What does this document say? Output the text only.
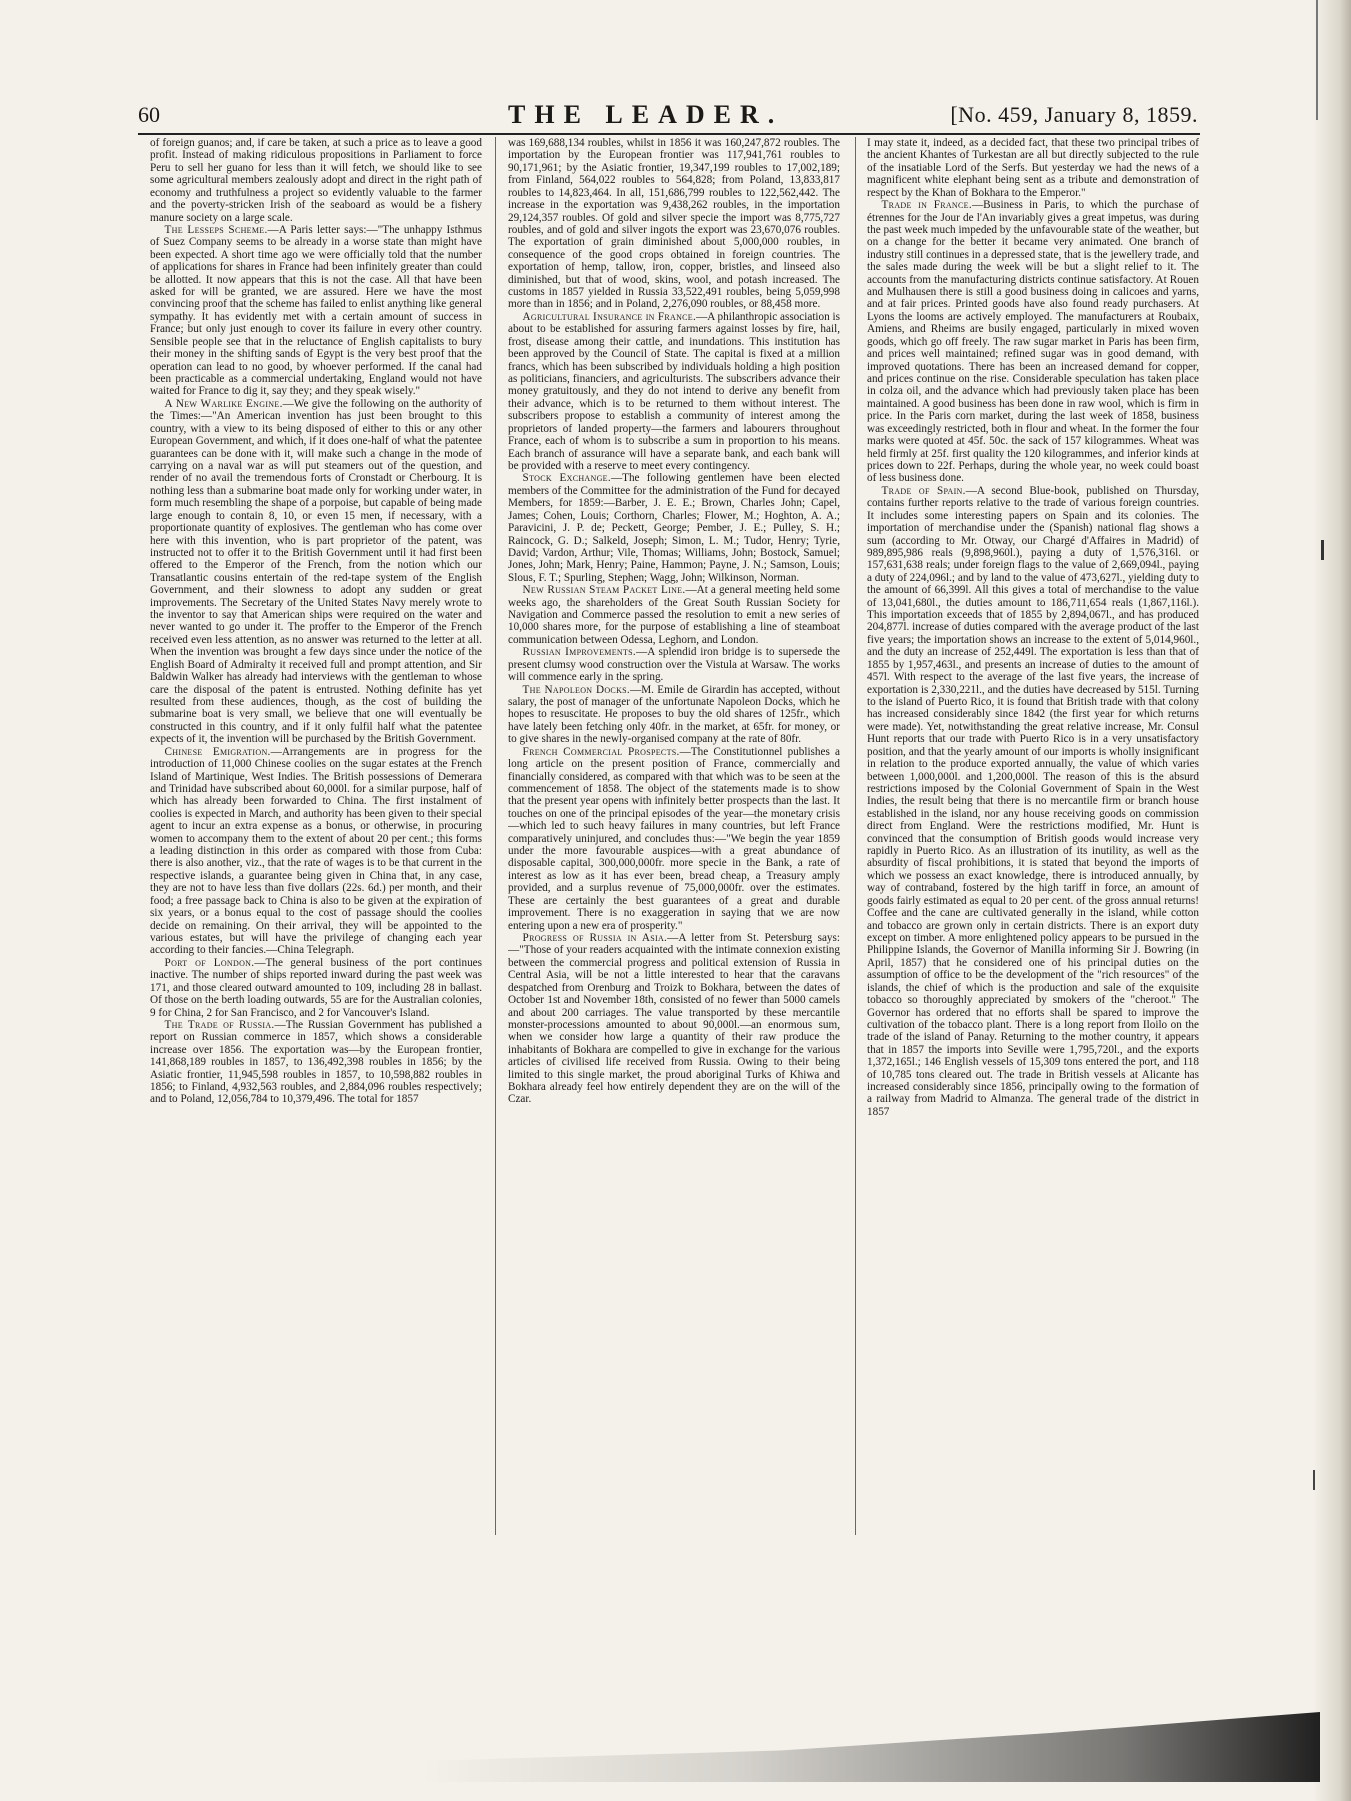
60	THE LEADER.	[No. 459, January 8, 1859.

of foreign guanos; and, if care be taken, at such a price as to leave a good profit. Instead of making ridiculous propositions in Parliament to force Peru to sell her guano for less than it will fetch, we should like to see some agricultural members zealously adopt and direct in the right path of economy and truthfulness a project so evidently valuable to the farmer and the poverty-stricken Irish of the seaboard as would be a fishery manure society on a large scale.

The Lesseps Scheme.—A Paris letter says:—"The unhappy Isthmus of Suez Company seems to be already in a worse state than might have been expected. A short time ago we were officially told that the number of applications for shares in France had been infinitely greater than could be allotted. It now appears that this is not the case. All that have been asked for will be granted, we are assured. Here we have the most convincing proof that the scheme has failed to enlist anything like general sympathy. It has evidently met with a certain amount of success in France; but only just enough to cover its failure in every other country. Sensible people see that in the reluctance of English capitalists to bury their money in the shifting sands of Egypt is the very best proof that the operation can lead to no good, by whoever performed. If the canal had been practicable as a commercial undertaking, England would not have waited for France to dig it, say they; and they speak wisely."

A New Warlike Engine.—We give the following on the authority of the Times:—"An American invention has just been brought to this country, with a view to its being disposed of either to this or any other European Government, and which, if it does one-half of what the patentee guarantees can be done with it, will make such a change in the mode of carrying on a naval war as will put steamers out of the question, and render of no avail the tremendous forts of Cronstadt or Cherbourg. It is nothing less than a submarine boat made only for working under water, in form much resembling the shape of a porpoise, but capable of being made large enough to contain 8, 10, or even 15 men, if necessary, with a proportionate quantity of explosives. The gentleman who has come over here with this invention, who is part proprietor of the patent, was instructed not to offer it to the British Government until it had first been offered to the Emperor of the French, from the notion which our Transatlantic cousins entertain of the red-tape system of the English Government, and their slowness to adopt any sudden or great improvements. The Secretary of the United States Navy merely wrote to the inventor to say that American ships were required on the water and never wanted to go under it. The proffer to the Emperor of the French received even less attention, as no answer was returned to the letter at all. When the invention was brought a few days since under the notice of the English Board of Admiralty it received full and prompt attention, and Sir Baldwin Walker has already had interviews with the gentleman to whose care the disposal of the patent is entrusted. Nothing definite has yet resulted from these audiences, though, as the cost of building the submarine boat is very small, we believe that one will eventually be constructed in this country, and if it only fulfil half what the patentee expects of it, the invention will be purchased by the British Government.

Chinese Emigration.—Arrangements are in progress for the introduction of 11,000 Chinese coolies on the sugar estates at the French Island of Martinique, West Indies. The British possessions of Demerara and Trinidad have subscribed about 60,000l. for a similar purpose, half of which has already been forwarded to China. The first instalment of coolies is expected in March, and authority has been given to their special agent to incur an extra expense as a bonus, or otherwise, in procuring women to accompany them to the extent of about 20 per cent.; this forms a leading distinction in this order as compared with those from Cuba: there is also another, viz., that the rate of wages is to be that current in the respective islands, a guarantee being given in China that, in any case, they are not to have less than five dollars (22s. 6d.) per month, and their food; a free passage back to China is also to be given at the expiration of six years, or a bonus equal to the cost of passage should the coolies decide on remaining. On their arrival, they will be appointed to the various estates, but will have the privilege of changing each year according to their fancies.—China Telegraph.

Port of London.—The general business of the port continues inactive. The number of ships reported inward during the past week was 171, and those cleared outward amounted to 109, including 28 in ballast. Of those on the berth loading outwards, 55 are for the Australian colonies, 9 for China, 2 for San Francisco, and 2 for Vancouver's Island.

The Trade of Russia.—The Russian Government has published a report on Russian commerce in 1857, which shows a considerable increase over 1856. The exportation was—by the European frontier, 141,868,189 roubles in 1857, to 136,492,398 roubles in 1856; by the Asiatic frontier, 11,945,598 roubles in 1857, to 10,598,882 roubles in 1856; to Finland, 4,932,563 roubles, and 2,884,096 roubles respectively; and to Poland, 12,056,784 to 10,379,496. The total for 1857

was 169,688,134 roubles, whilst in 1856 it was 160,247,872 roubles. The importation by the European frontier was 117,941,761 roubles to 90,171,961; by the Asiatic frontier, 19,347,199 roubles to 17,002,189; from Finland, 564,022 roubles to 564,828; from Poland, 13,833,817 roubles to 14,823,464. In all, 151,686,799 roubles to 122,562,442. The increase in the exportation was 9,438,262 roubles, in the importation 29,124,357 roubles. Of gold and silver specie the import was 8,775,727 roubles, and of gold and silver ingots the export was 23,670,076 roubles. The exportation of grain diminished about 5,000,000 roubles, in consequence of the good crops obtained in foreign countries. The exportation of hemp, tallow, iron, copper, bristles, and linseed also diminished, but that of wood, skins, wool, and potash increased. The customs in 1857 yielded in Russia 33,522,491 roubles, being 5,059,998 more than in 1856; and in Poland, 2,276,090 roubles, or 88,458 more.

Agricultural Insurance in France.—A philanthropic association is about to be established for assuring farmers against losses by fire, hail, frost, disease among their cattle, and inundations. This institution has been approved by the Council of State. The capital is fixed at a million francs, which has been subscribed by individuals holding a high position as politicians, financiers, and agriculturists. The subscribers advance their money gratuitously, and they do not intend to derive any benefit from their advance, which is to be returned to them without interest. The subscribers propose to establish a community of interest among the proprietors of landed property—the farmers and labourers throughout France, each of whom is to subscribe a sum in proportion to his means. Each branch of assurance will have a separate bank, and each bank will be provided with a reserve to meet every contingency.

Stock Exchange.—The following gentlemen have been elected members of the Committee for the administration of the Fund for decayed Members, for 1859:—Barber, J. E. E.; Brown, Charles John; Capel, James; Cohen, Louis; Corthorn, Charles; Flower, M.; Hoghton, A. A.; Paravicini, J. P. de; Peckett, George; Pember, J. E.; Pulley, S. H.; Raincock, G. D.; Salkeld, Joseph; Simon, L. M.; Tudor, Henry; Tyrie, David; Vardon, Arthur; Vile, Thomas; Williams, John; Bostock, Samuel; Jones, John; Mark, Henry; Paine, Hammon; Payne, J. N.; Samson, Louis; Slous, F. T.; Spurling, Stephen; Wagg, John; Wilkinson, Norman.

New Russian Steam Packet Line.—At a general meeting held some weeks ago, the shareholders of the Great South Russian Society for Navigation and Commerce passed the resolution to emit a new series of 10,000 shares more, for the purpose of establishing a line of steamboat communication between Odessa, Leghorn, and London.

Russian Improvements.—A splendid iron bridge is to supersede the present clumsy wood construction over the Vistula at Warsaw. The works will commence early in the spring.

The Napoleon Docks.—M. Emile de Girardin has accepted, without salary, the post of manager of the unfortunate Napoleon Docks, which he hopes to resuscitate. He proposes to buy the old shares of 125fr., which have lately been fetching only 40fr. in the market, at 65fr. for money, or to give shares in the newly-organised company at the rate of 80fr.

French Commercial Prospects.—The Constitutionnel publishes a long article on the present position of France, commercially and financially considered, as compared with that which was to be seen at the commencement of 1858. The object of the statements made is to show that the present year opens with infinitely better prospects than the last. It touches on one of the principal episodes of the year—the monetary crisis—which led to such heavy failures in many countries, but left France comparatively uninjured, and concludes thus:—"We begin the year 1859 under the more favourable auspices—with a great abundance of disposable capital, 300,000,000fr. more specie in the Bank, a rate of interest as low as it has ever been, bread cheap, a Treasury amply provided, and a surplus revenue of 75,000,000fr. over the estimates. These are certainly the best guarantees of a great and durable improvement. There is no exaggeration in saying that we are now entering upon a new era of prosperity."

Progress of Russia in Asia.—A letter from St. Petersburg says:—"Those of your readers acquainted with the intimate connexion existing between the commercial progress and political extension of Russia in Central Asia, will be not a little interested to hear that the caravans despatched from Orenburg and Troizk to Bokhara, between the dates of October 1st and November 18th, consisted of no fewer than 5000 camels and about 200 carriages. The value transported by these mercantile monster-processions amounted to about 90,000l.—an enormous sum, when we consider how large a quantity of their raw produce the inhabitants of Bokhara are compelled to give in exchange for the various articles of civilised life received from Russia. Owing to their being limited to this single market, the proud aboriginal Turks of Khiwa and Bokhara already feel how entirely dependent they are on the will of the Czar.

I may state it, indeed, as a decided fact, that these two principal tribes of the ancient Khantes of Turkestan are all but directly subjected to the rule of the insatiable Lord of the Serfs. But yesterday we had the news of a magnificent white elephant being sent as a tribute and demonstration of respect by the Khan of Bokhara to the Emperor."

Trade in France.—Business in Paris, to which the purchase of étrennes for the Jour de l'An invariably gives a great impetus, was during the past week much impeded by the unfavourable state of the weather, but on a change for the better it became very animated. One branch of industry still continues in a depressed state, that is the jewellery trade, and the sales made during the week will be but a slight relief to it. The accounts from the manufacturing districts continue satisfactory. At Rouen and Mulhausen there is still a good business doing in calicoes and yarns, and at fair prices. Printed goods have also found ready purchasers. At Lyons the looms are actively employed. The manufacturers at Roubaix, Amiens, and Rheims are busily engaged, particularly in mixed woven goods, which go off freely. The raw sugar market in Paris has been firm, and prices well maintained; refined sugar was in good demand, with improved quotations. There has been an increased demand for copper, and prices continue on the rise. Considerable speculation has taken place in colza oil, and the advance which had previously taken place has been maintained. A good business has been done in raw wool, which is firm in price. In the Paris corn market, during the last week of 1858, business was exceedingly restricted, both in flour and wheat. In the former the four marks were quoted at 45f. 50c. the sack of 157 kilogrammes. Wheat was held firmly at 25f. first quality the 120 kilogrammes, and inferior kinds at prices down to 22f. Perhaps, during the whole year, no week could boast of less business done.

Trade of Spain.—A second Blue-book, published on Thursday, contains further reports relative to the trade of various foreign countries. It includes some interesting papers on Spain and its colonies. The importation of merchandise under the (Spanish) national flag shows a sum (according to Mr. Otway, our Chargé d'Affaires in Madrid) of 989,895,986 reals (9,898,960l.), paying a duty of 1,576,316l. or 157,631,638 reals; under foreign flags to the value of 2,669,094l., paying a duty of 224,096l.; and by land to the value of 473,627l., yielding duty to the amount of 66,399l. All this gives a total of merchandise to the value of 13,041,680l., the duties amount to 186,711,654 reals (1,867,116l.). This importation exceeds that of 1855 by 2,894,067l., and has produced 204,877l. increase of duties compared with the average product of the last five years; the importation shows an increase to the extent of 5,014,960l., and the duty an increase of 252,449l. The exportation is less than that of 1855 by 1,957,463l., and presents an increase of duties to the amount of 457l. With respect to the average of the last five years, the increase of exportation is 2,330,221l., and the duties have decreased by 515l. Turning to the island of Puerto Rico, it is found that British trade with that colony has increased considerably since 1842 (the first year for which returns were made). Yet, notwithstanding the great relative increase, Mr. Consul Hunt reports that our trade with Puerto Rico is in a very unsatisfactory position, and that the yearly amount of our imports is wholly insignificant in relation to the produce exported annually, the value of which varies between 1,000,000l. and 1,200,000l. The reason of this is the absurd restrictions imposed by the Colonial Government of Spain in the West Indies, the result being that there is no mercantile firm or branch house established in the island, nor any house receiving goods on commission direct from England. Were the restrictions modified, Mr. Hunt is convinced that the consumption of British goods would increase very rapidly in Puerto Rico. As an illustration of its inutility, as well as the absurdity of fiscal prohibitions, it is stated that beyond the imports of which we possess an exact knowledge, there is introduced annually, by way of contraband, fostered by the high tariff in force, an amount of goods fairly estimated as equal to 20 per cent. of the gross annual returns! Coffee and the cane are cultivated generally in the island, while cotton and tobacco are grown only in certain districts. There is an export duty except on timber. A more enlightened policy appears to be pursued in the Philippine Islands, the Governor of Manilla informing Sir J. Bowring (in April, 1857) that he considered one of his principal duties on the assumption of office to be the development of the "rich resources" of the islands, the chief of which is the production and sale of the exquisite tobacco so thoroughly appreciated by smokers of the "cheroot." The Governor has ordered that no efforts shall be spared to improve the cultivation of the tobacco plant. There is a long report from Iloilo on the trade of the island of Panay. Returning to the mother country, it appears that in 1857 the imports into Seville were 1,795,720l., and the exports 1,372,165l.; 146 English vessels of 15,309 tons entered the port, and 118 of 10,785 tons cleared out. The trade in British vessels at Alicante has increased considerably since 1856, principally owing to the formation of a railway from Madrid to Almanza. The general trade of the district in 1857
